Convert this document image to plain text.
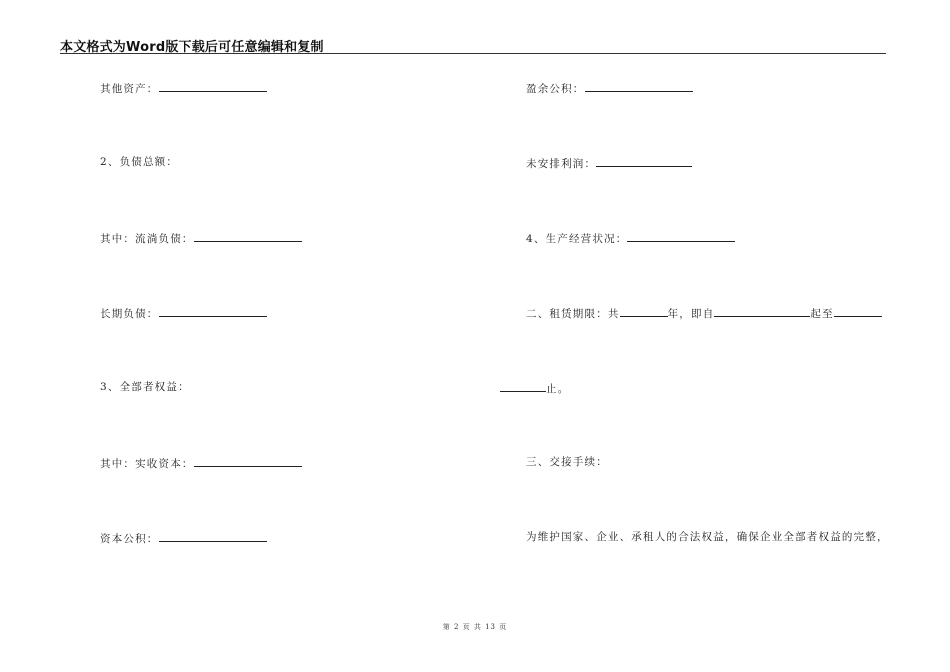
本文格式为Word版下载后可任意编辑和复制
其他资产：
2、负债总额：
其中：流淌负债：
长期负债：
3、全部者权益：
其中：实收资本：
资本公积：
盈余公积：
未安排利润：
4、生产经营状况：
二、租赁期限：共	年，即自	起至
止。
三、交接手续：
为维护国家、企业、承租人的合法权益，确保企业全部者权益的完整，
第 2 页 共 13 页
